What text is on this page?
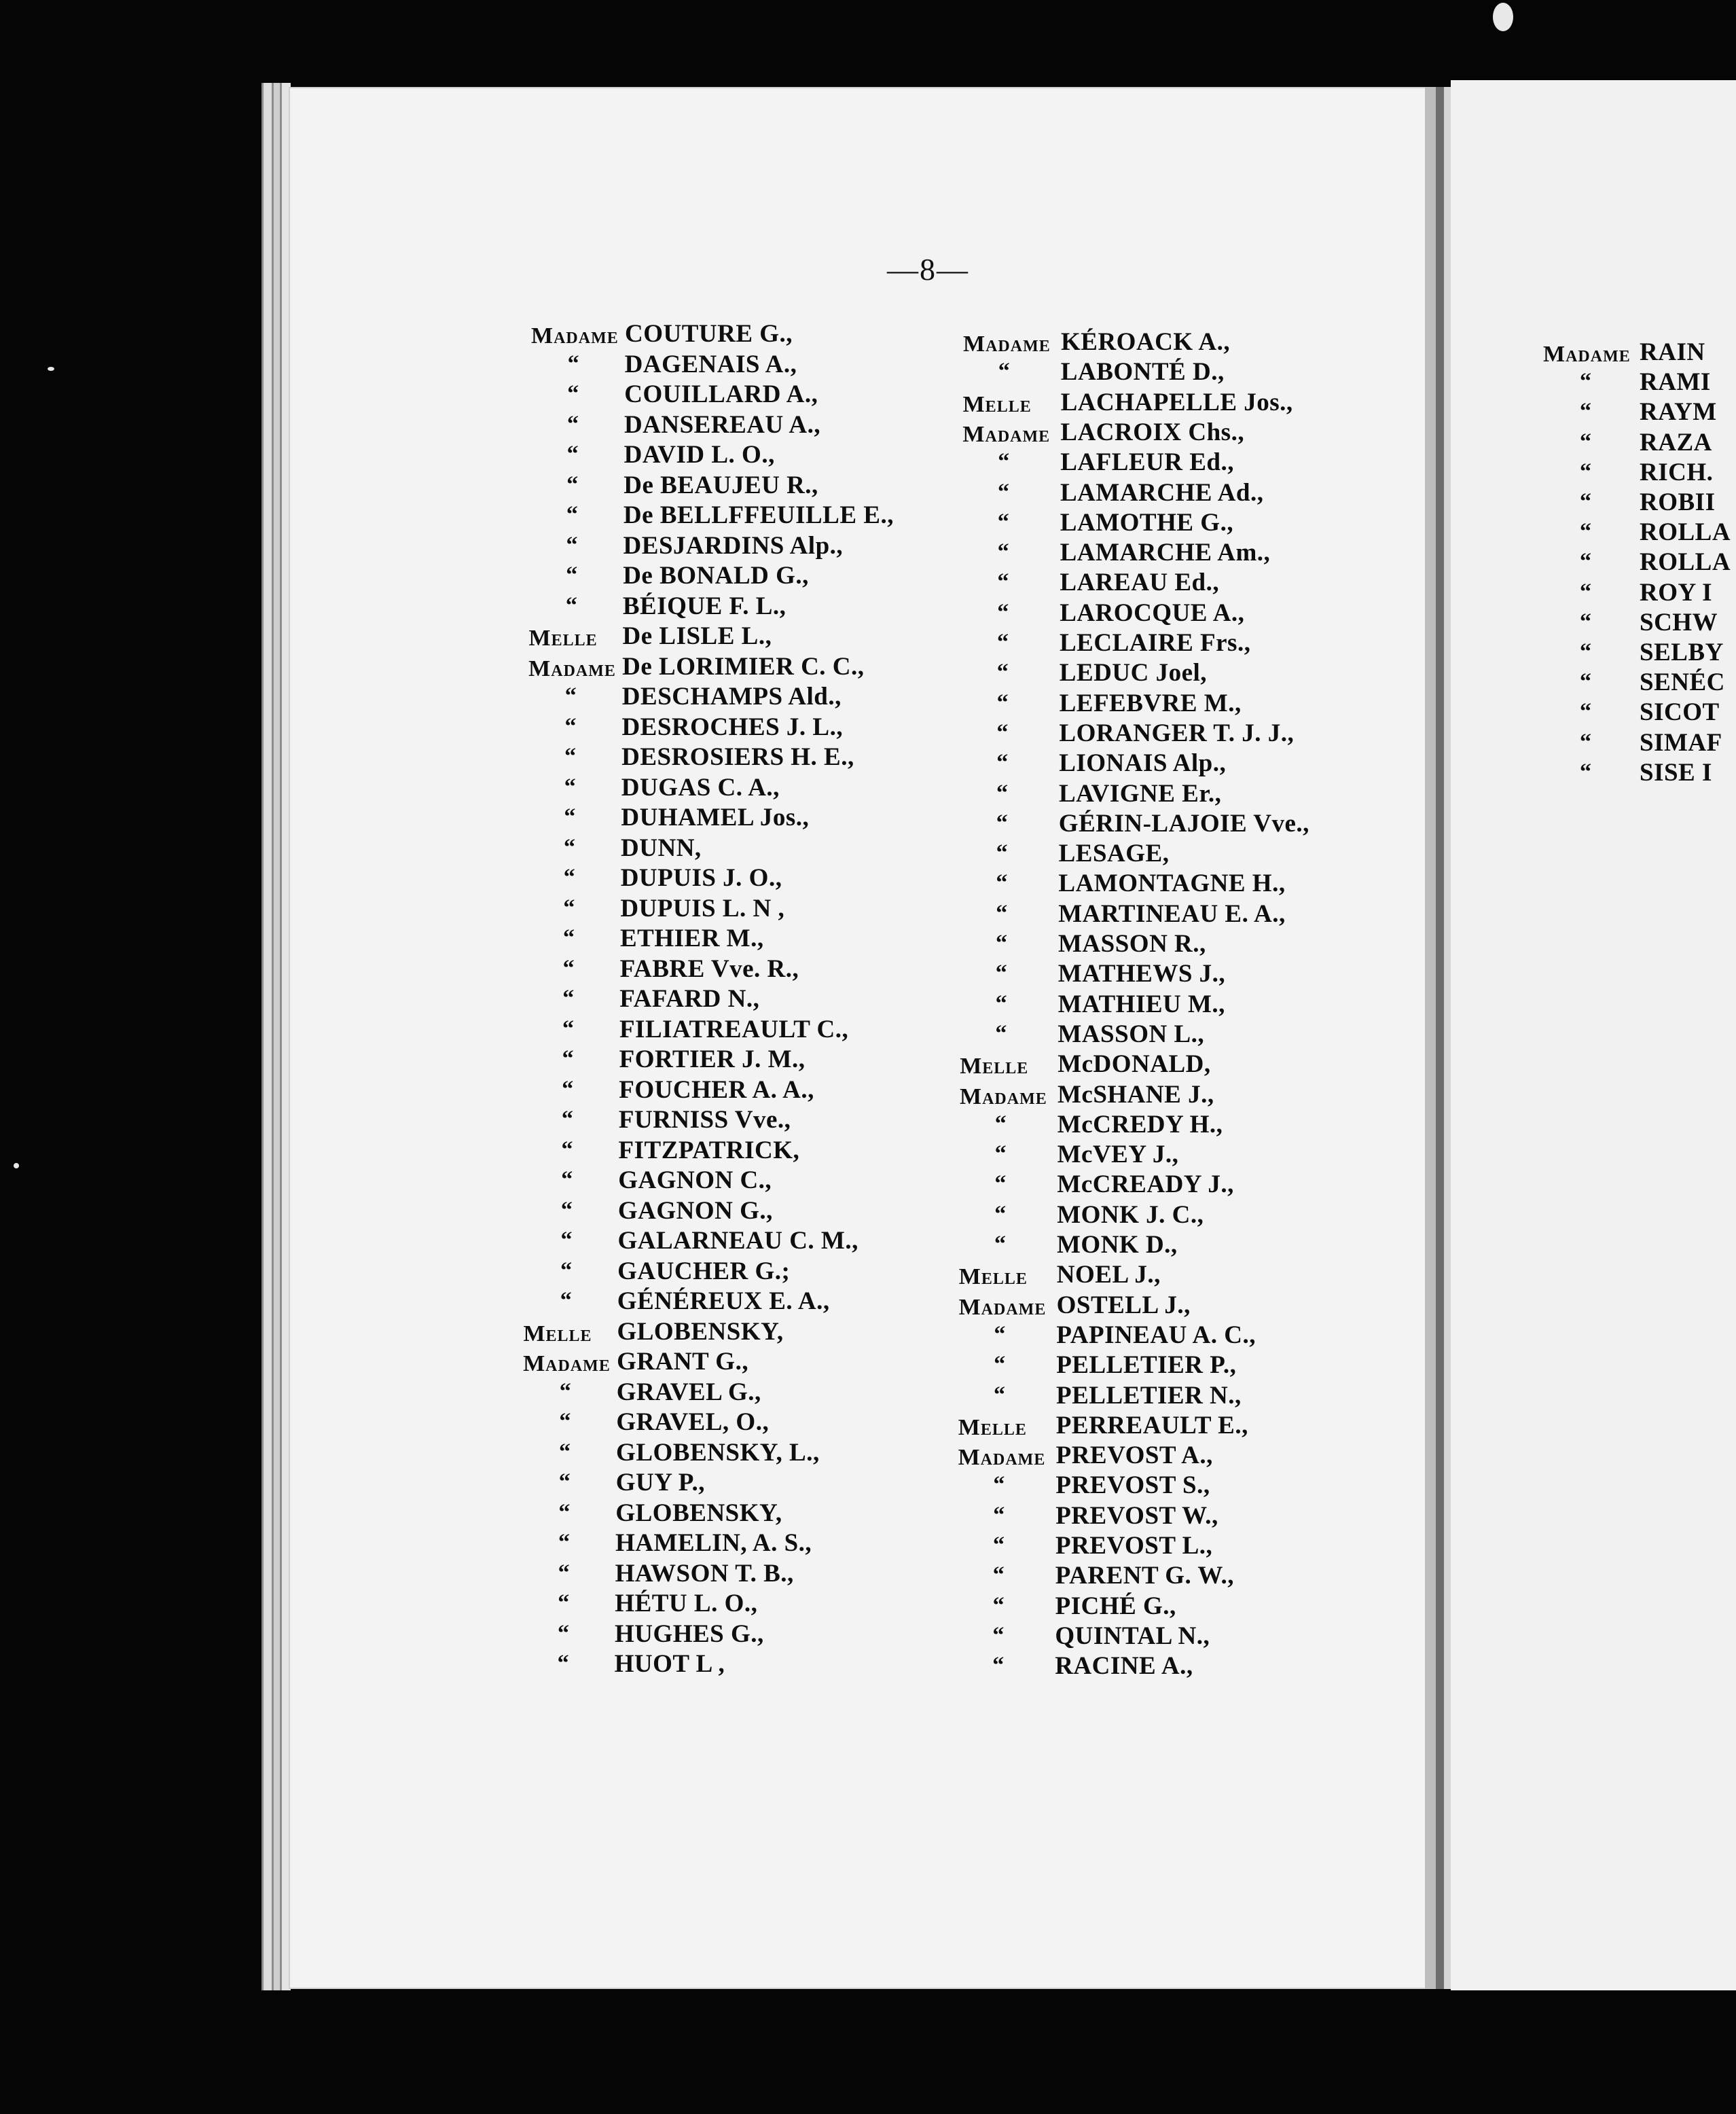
—8—
Madame COUTURE G.,
“ DAGENAIS A.,
“ COUILLARD A.,
“ DANSEREAU A.,
“ DAVID L. O.,
“ De BEAUJEU R.,
“ De BELLFFEUILLE E.,
“ DESJARDINS Alp.,
“ De BONALD G.,
“ BÉIQUE F. L.,
Melle De LISLE L.,
Madame De LORIMIER C. C.,
“ DESCHAMPS Ald.,
“ DESROCHES J. L.,
“ DESROSIERS H. E.,
“ DUGAS C. A.,
“ DUHAMEL Jos.,
“ DUNN,
“ DUPUIS J. O.,
“ DUPUIS L. N ,
“ ETHIER M.,
“ FABRE Vve. R.,
“ FAFARD N.,
“ FILIATREAULT C.,
“ FORTIER J. M.,
“ FOUCHER A. A.,
“ FURNISS Vve.,
“ FITZPATRICK,
“ GAGNON C.,
“ GAGNON G.,
“ GALARNEAU C. M.,
“ GAUCHER G.;
“ GÉNÉREUX E. A.,
Melle GLOBENSKY,
Madame GRANT G.,
“ GRAVEL G.,
“ GRAVEL, O.,
“ GLOBENSKY, L.,
“ GUY P.,
“ GLOBENSKY,
“ HAMELIN, A. S.,
“ HAWSON T. B.,
“ HÉTU L. O.,
“ HUGHES G.,
“ HUOT L ,
Madame KÉROACK A.,
“ LABONTÉ D.,
Melle LACHAPELLE Jos.,
Madame LACROIX Chs.,
“ LAFLEUR Ed.,
“ LAMARCHE Ad.,
“ LAMOTHE G.,
“ LAMARCHE Am.,
“ LAREAU Ed.,
“ LAROCQUE A.,
“ LECLAIRE Frs.,
“ LEDUC Joel,
“ LEFEBVRE M.,
“ LORANGER T. J. J.,
“ LIONAIS Alp.,
“ LAVIGNE Er.,
“ GÉRIN-LAJOIE Vve.,
“ LESAGE,
“ LAMONTAGNE H.,
“ MARTINEAU E. A.,
“ MASSON R.,
“ MATHEWS J.,
“ MATHIEU M.,
“ MASSON L.,
Melle McDONALD,
Madame McSHANE J.,
“ McCREDY H.,
“ McVEY J.,
“ McCREADY J.,
“ MONK J. C.,
“ MONK D.,
Melle NOEL J.,
Madame OSTELL J.,
“ PAPINEAU A. C.,
“ PELLETIER P.,
“ PELLETIER N.,
Melle PERREAULT E.,
Madame PREVOST A.,
“ PREVOST S.,
“ PREVOST W.,
“ PREVOST L.,
“ PARENT G. W.,
“ PICHÉ G.,
“ QUINTAL N.,
“ RACINE A.,
Madame RAIN
“ RAMI
“ RAYM
“ RAZA
“ RICH.
“ ROBII
“ ROLLA
“ ROLLA
“ ROY I
“ SCHW
“ SELBY
“ SENÉC
“ SICOT
“ SIMAF
“ SISE I
